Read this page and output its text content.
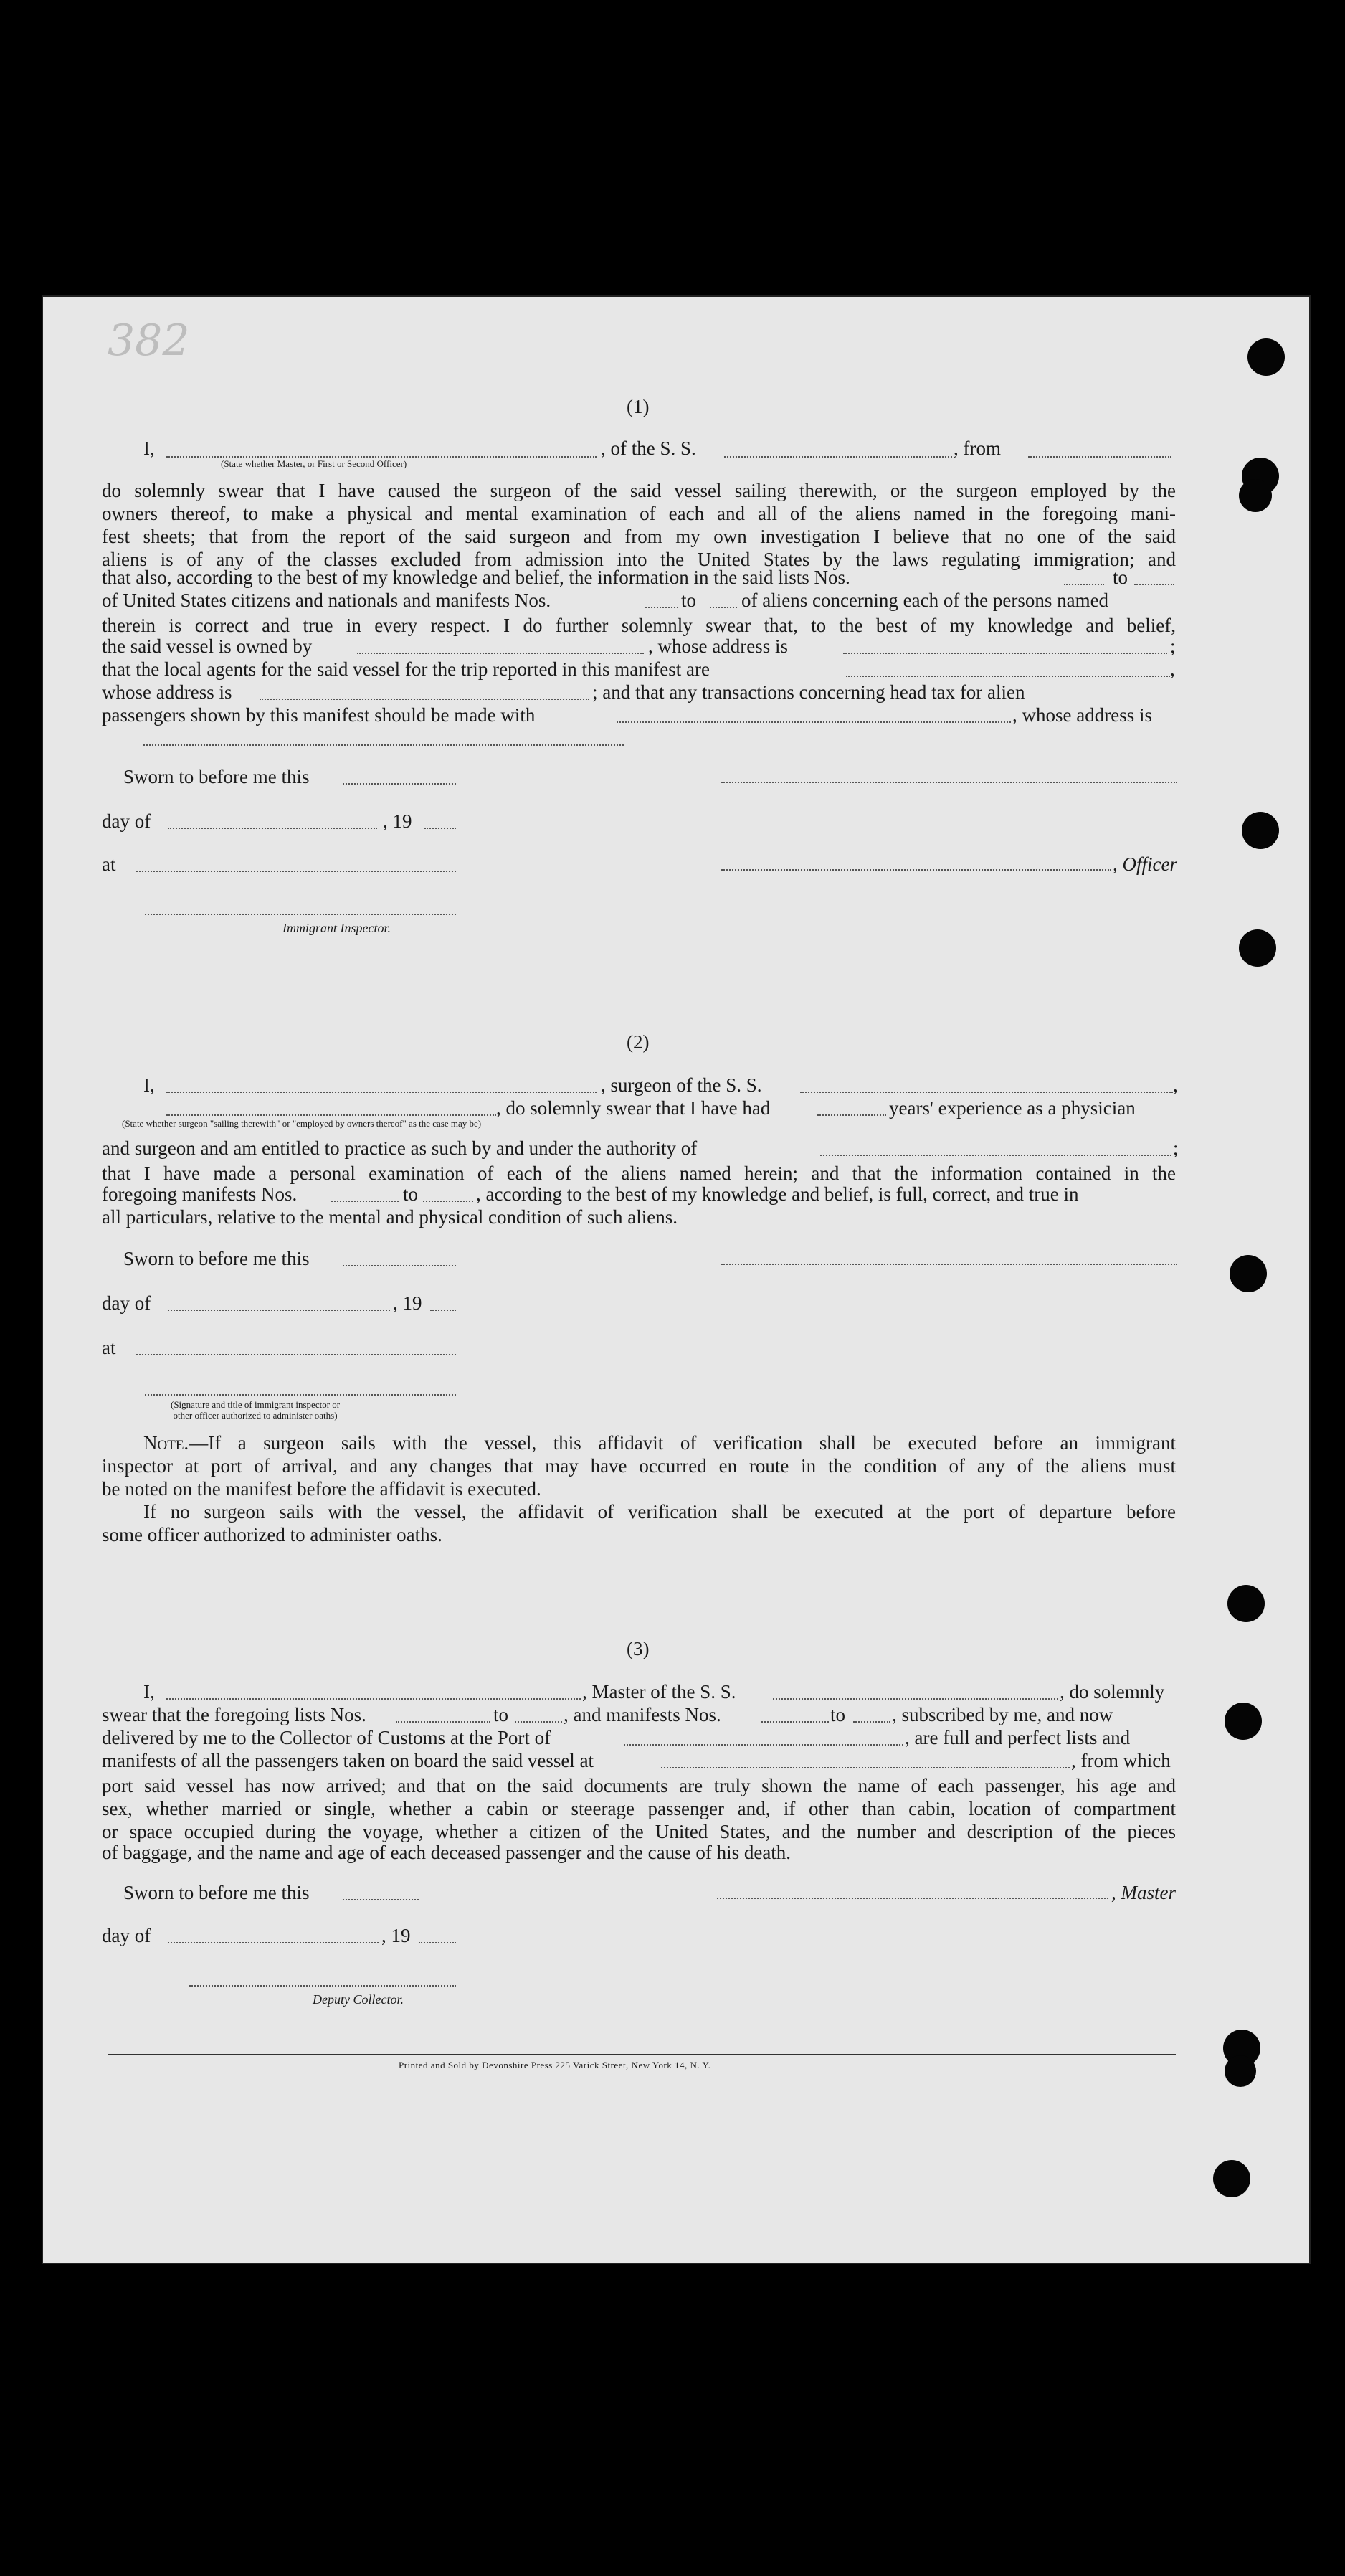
382
(1)
I,	, of the S. S.	, from
(State whether Master, or First or Second Officer)
do solemnly swear that I have caused the surgeon of the said vessel sailing therewith, or the surgeon employed by the
owners thereof, to make a physical and mental examination of each and all of the aliens named in the foregoing mani-
fest sheets; that from the report of the said surgeon and from my own investigation I believe that no one of the said
aliens is of any of the classes excluded from admission into the United States by the laws regulating immigration; and
that also, according to the best of my knowledge and belief, the information in the said lists Nos.	to
of United States citizens and nationals and manifests Nos.	to of aliens concerning each of the persons named
therein is correct and true in every respect. I do further solemnly swear that, to the best of my knowledge and belief,
the said vessel is owned by	, whose address is	;
that the local agents for the said vessel for the trip reported in this manifest are	,
whose address is	; and that any transactions concerning head tax for alien
passengers shown by this manifest should be made with	, whose address is
Sworn to before me this
day of	, 19
at	, Officer
Immigrant Inspector.
(2)
I,	, surgeon of the S. S.	,
, do solemnly swear that I have had	years' experience as a physician
(State whether surgeon "sailing therewith" or "employed by owners thereof" as the case may be)
and surgeon and am entitled to practice as such by and under the authority of	;
that I have made a personal examination of each of the aliens named herein; and that the information contained in the
foregoing manifests Nos.	to	, according to the best of my knowledge and belief, is full, correct, and true in
all particulars, relative to the mental and physical condition of such aliens.
Sworn to before me this
day of	, 19
at
(Signature and title of immigrant inspector or
other officer authorized to administer oaths)
Note.—If a surgeon sails with the vessel, this affidavit of verification shall be executed before an immigrant
inspector at port of arrival, and any changes that may have occurred en route in the condition of any of the aliens must
be noted on the manifest before the affidavit is executed.
If no surgeon sails with the vessel, the affidavit of verification shall be executed at the port of departure before
some officer authorized to administer oaths.
(3)
I,	, Master of the S. S.	, do solemnly
swear that the foregoing lists Nos.	to	, and manifests Nos.	to , subscribed by me, and now
delivered by me to the Collector of Customs at the Port of	, are full and perfect lists and
manifests of all the passengers taken on board the said vessel at	, from which
port said vessel has now arrived; and that on the said documents are truly shown the name of each passenger, his age and
sex, whether married or single, whether a cabin or steerage passenger and, if other than cabin, location of compartment
or space occupied during the voyage, whether a citizen of the United States, and the number and description of the pieces
of baggage, and the name and age of each deceased passenger and the cause of his death.
Sworn to before me this	, Master
day of	, 19
Deputy Collector.
Printed and Sold by Devonshire Press 225 Varick Street, New York 14, N. Y.
